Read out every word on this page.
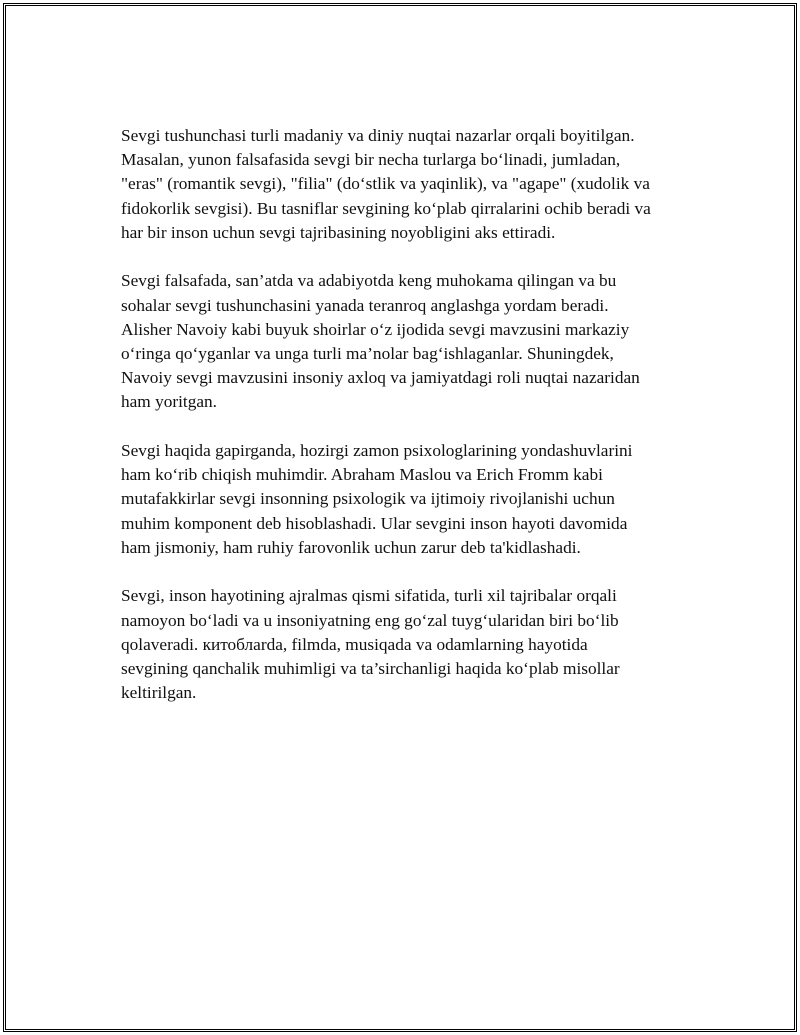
Sevgi tushunchasi turli madaniy va diniy nuqtai nazarlar orqali boyitilgan.
Masalan, yunon falsafasida sevgi bir necha turlarga bo‘linadi, jumladan,
"eras" (romantik sevgi), "filia" (do‘stlik va yaqinlik), va "agape" (xudolik va
fidokorlik sevgisi). Bu tasniflar sevgining ko‘plab qirralarini ochib beradi va
har bir inson uchun sevgi tajribasining noyobligini aks ettiradi.

Sevgi falsafada, san’atda va adabiyotda keng muhokama qilingan va bu
sohalar sevgi tushunchasini yanada teranroq anglashga yordam beradi.
Alisher Navoiy kabi buyuk shoirlar o‘z ijodida sevgi mavzusini markaziy
o‘ringa qo‘yganlar va unga turli ma’nolar bag‘ishlaganlar. Shuningdek,
Navoiy sevgi mavzusini insoniy axloq va jamiyatdagi roli nuqtai nazaridan
ham yoritgan.

Sevgi haqida gapirganda, hozirgi zamon psixologlarining yondashuvlarini
ham ko‘rib chiqish muhimdir. Abraham Maslou va Erich Fromm kabi
mutafakkirlar sevgi insonning psixologik va ijtimoiy rivojlanishi uchun
muhim komponent deb hisoblashadi. Ular sevgini inson hayoti davomida
ham jismoniy, ham ruhiy farovonlik uchun zarur deb ta'kidlashadi.

Sevgi, inson hayotining ajralmas qismi sifatida, turli xil tajribalar orqali
namoyon bo‘ladi va u insoniyatning eng go‘zal tuyg‘ularidan biri bo‘lib
qolaveradi. китоблarda, filmda, musiqada va odamlarning hayotida
sevgining qanchalik muhimligi va ta’sirchanligi haqida ko‘plab misollar
keltirilgan.
